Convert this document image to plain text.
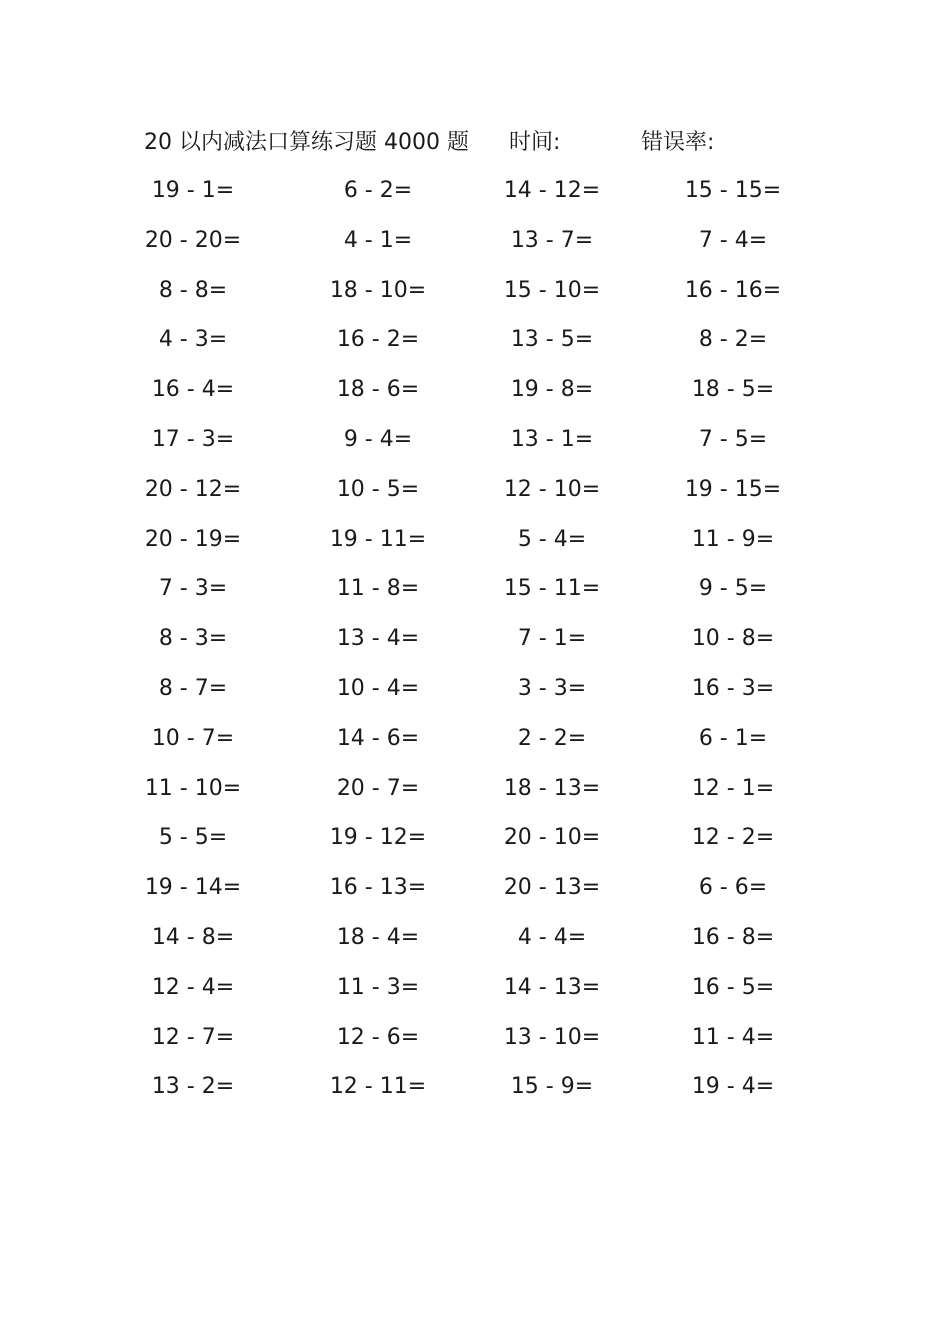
20 以内减法口算练习题 4000 题 时间:	错误率:
19 - 1=	6 - 2=	14 - 12=	15 - 15=
20 - 20=	4 - 1=	13 - 7=	7 - 4=
8 - 8=	18 - 10=	15 - 10=	16 - 16=
4 - 3=	16 - 2=	13 - 5=	8 - 2=
16 - 4=	18 - 6=	19 - 8=	18 - 5=
17 - 3=	9 - 4=	13 - 1=	7 - 5=
20 - 12=	10 - 5=	12 - 10=	19 - 15=
20 - 19=	19 - 11=	5 - 4=	11 - 9=
7 - 3=	11 - 8=	15 - 11=	9 - 5=
8 - 3=	13 - 4=	7 - 1=	10 - 8=
8 - 7=	10 - 4=	3 - 3=	16 - 3=
10 - 7=	14 - 6=	2 - 2=	6 - 1=
11 - 10=	20 - 7=	18 - 13=	12 - 1=
5 - 5=	19 - 12=	20 - 10=	12 - 2=
19 - 14=	16 - 13=	20 - 13=	6 - 6=
14 - 8=	18 - 4=	4 - 4=	16 - 8=
12 - 4=	11 - 3=	14 - 13=	16 - 5=
12 - 7=	12 - 6=	13 - 10=	11 - 4=
13 - 2=	12 - 11=	15 - 9=	19 - 4=
